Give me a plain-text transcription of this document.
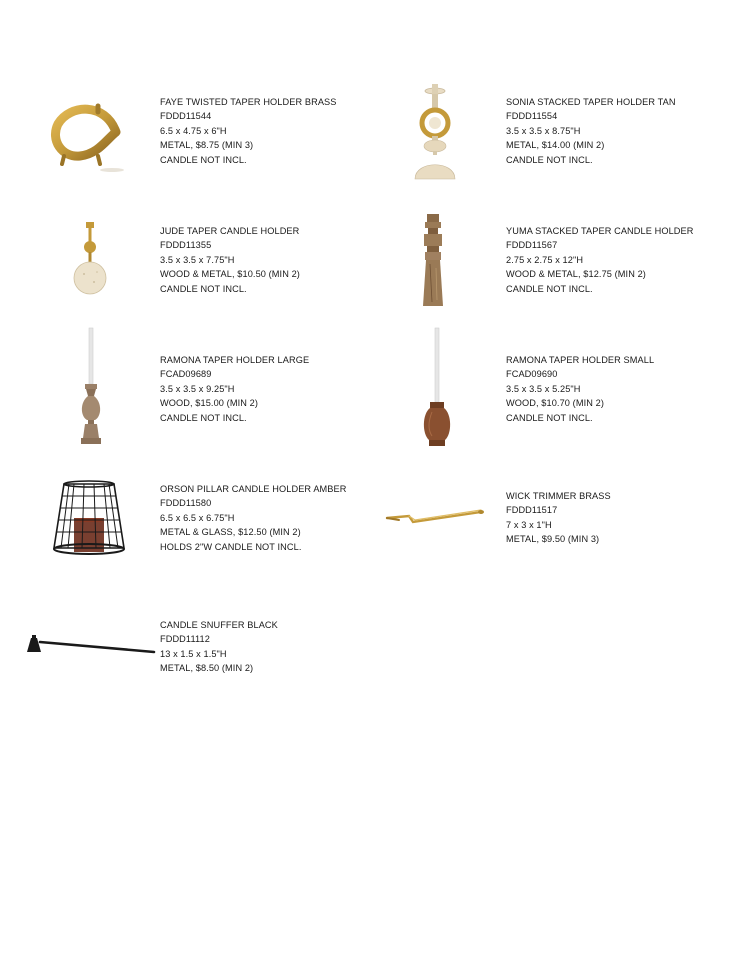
FAYE TWISTED TAPER HOLDER BRASS
FDDD11544
6.5 x 4.75 x 6"H
METAL, $8.75 (MIN 3)
CANDLE NOT INCL.
SONIA STACKED TAPER HOLDER TAN
FDDD11554
3.5 x 3.5 x 8.75"H
METAL, $14.00 (MIN 2)
CANDLE NOT INCL.
JUDE TAPER CANDLE HOLDER
FDDD11355
3.5 x 3.5 x 7.75"H
WOOD & METAL, $10.50 (MIN 2)
CANDLE NOT INCL.
YUMA STACKED TAPER CANDLE HOLDER
FDDD11567
2.75 x 2.75 x 12"H
WOOD & METAL, $12.75 (MIN 2)
CANDLE NOT INCL.
RAMONA TAPER HOLDER LARGE
FCAD09689
3.5 x 3.5 x 9.25"H
WOOD, $15.00 (MIN 2)
CANDLE NOT INCL.
RAMONA TAPER HOLDER SMALL
FCAD09690
3.5 x 3.5 x 5.25"H
WOOD, $10.70 (MIN 2)
CANDLE NOT INCL.
ORSON PILLAR CANDLE HOLDER AMBER
FDDD11580
6.5 x 6.5 x 6.75"H
METAL & GLASS, $12.50 (MIN 2)
HOLDS 2"W CANDLE NOT INCL.
WICK TRIMMER BRASS
FDDD11517
7 x 3 x 1"H
METAL, $9.50 (MIN 3)
CANDLE SNUFFER BLACK
FDDD11112
13 x 1.5 x 1.5"H
METAL, $8.50 (MIN 2)
